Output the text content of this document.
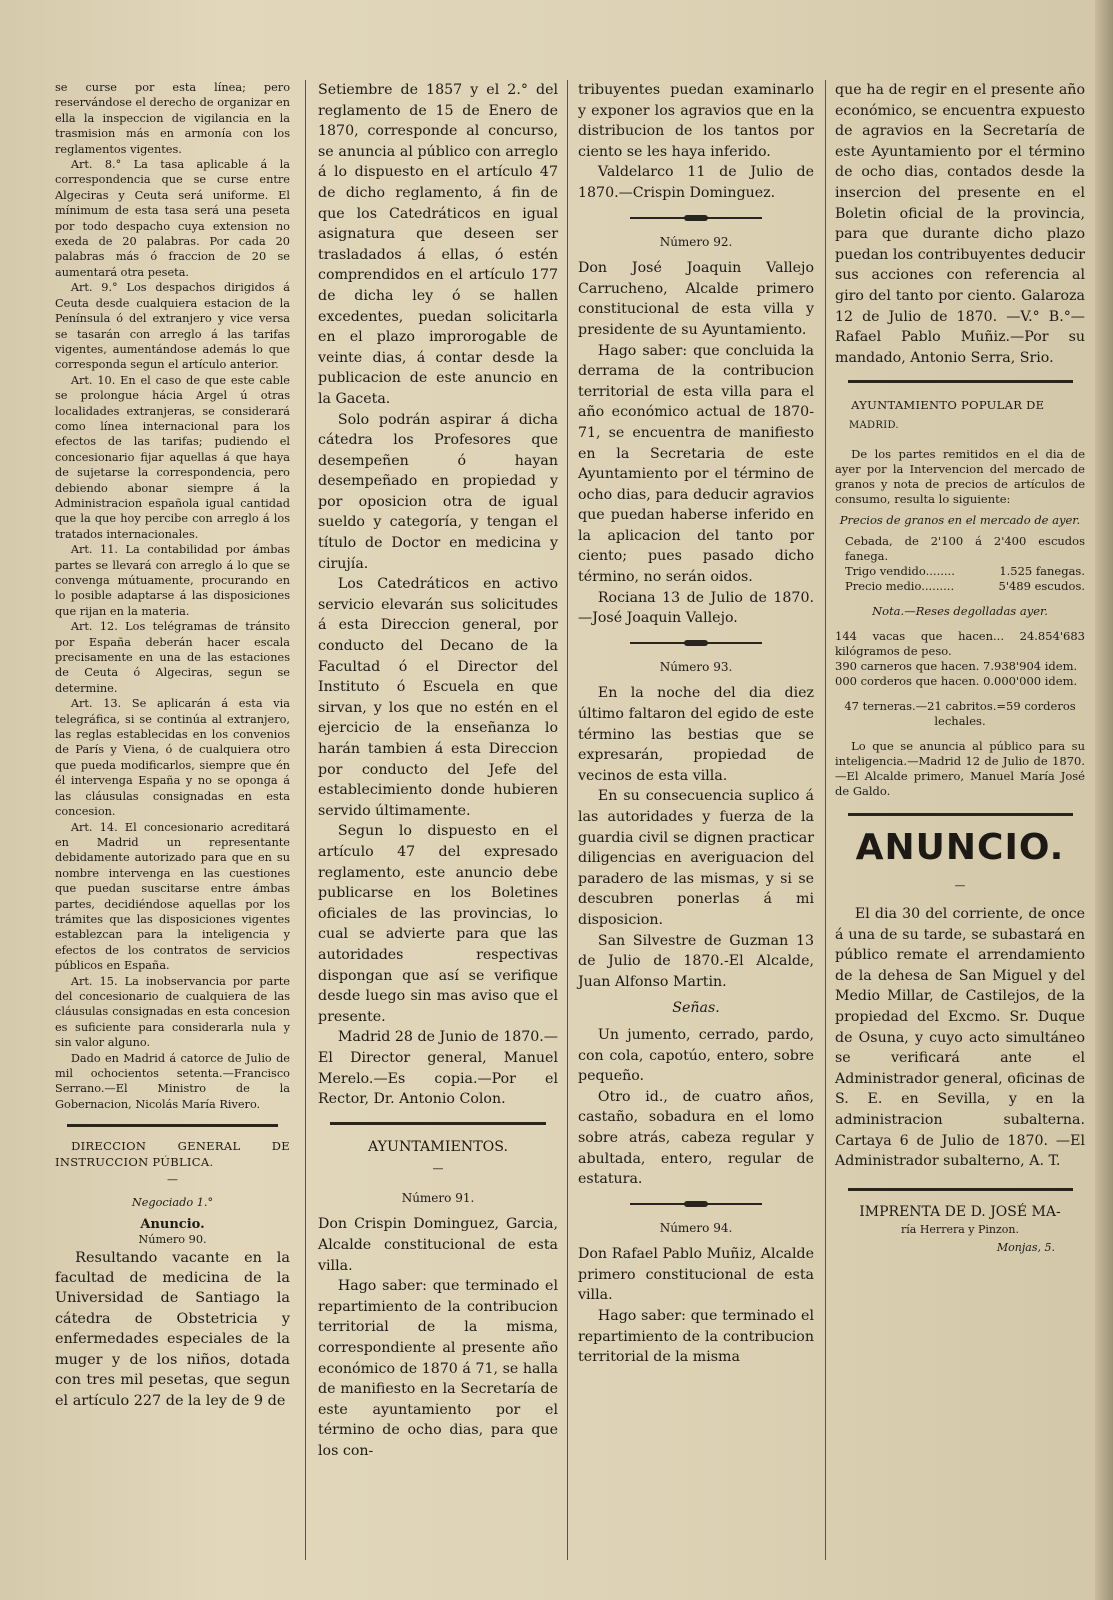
se curse por esta línea; pero reservándose el derecho de organizar en ella la inspeccion de vigilancia en la trasmision más en armonía con los reglamentos vigentes.

Art. 8.° La tasa aplicable á la correspondencia que se curse entre Algeciras y Ceuta será uniforme. El mínimum de esta tasa será una peseta por todo despacho cuya extension no exeda de 20 palabras. Por cada 20 palabras más ó fraccion de 20 se aumentará otra peseta.

Art. 9.° Los despachos dirigidos á Ceuta desde cualquiera estacion de la Península ó del extranjero y vice versa se tasarán con arreglo á las tarifas vigentes, aumentándose además lo que corresponda segun el artículo anterior.

Art. 10. En el caso de que este cable se prolongue hácia Argel ú otras localidades extranjeras, se considerará como línea internacional para los efectos de las tarifas; pudiendo el concesionario fijar aquellas á que haya de sujetarse la correspondencia, pero debiendo abonar siempre á la Administracion española igual cantidad que la que hoy percibe con arreglo á los tratados internacionales.

Art. 11. La contabilidad por ámbas partes se llevará con arreglo á lo que se convenga mútuamente, procurando en lo posible adaptarse á las disposiciones que rijan en la materia.

Art. 12. Los telégramas de tránsito por España deberán hacer escala precisamente en una de las estaciones de Ceuta ó Algeciras, segun se determine.

Art. 13. Se aplicarán á esta via telegráfica, si se continúa al extranjero, las reglas establecidas en los convenios de París y Viena, ó de cualquiera otro que pueda modificarlos, siempre que én él intervenga España y no se oponga á las cláusulas consignadas en esta concesion.

Art. 14. El concesionario acreditará en Madrid un representante debidamente autorizado para que en su nombre intervenga en las cuestiones que puedan suscitarse entre ámbas partes, decidiéndose aquellas por los trámites que las disposiciones vigentes establezcan para la inteligencia y efectos de los contratos de servicios públicos en España.

Art. 15. La inobservancia por parte del concesionario de cualquiera de las cláusulas consignadas en esta concesion es suficiente para considerarla nula y sin valor alguno.

Dado en Madrid á catorce de Julio de mil ochocientos setenta.—Francisco Serrano.—El Ministro de la Gobernacion, Nicolás María Rivero.

DIRECCION GENERAL DE INSTRUCCION PÚBLICA.

—

Negociado 1.°

Anuncio.

Número 90.

Resultando vacante en la facultad de medicina de la Universidad de Santiago la cátedra de Obstetricia y enfermedades especiales de la muger y de los niños, dotada con tres mil pesetas, que segun el artículo 227 de la ley de 9 de

Setiembre de 1857 y el 2.° del reglamento de 15 de Enero de 1870, corresponde al concurso, se anuncia al público con arreglo á lo dispuesto en el artículo 47 de dicho reglamento, á fin de que los Catedráticos en igual asignatura que deseen ser trasladados á ellas, ó estén comprendidos en el artículo 177 de dicha ley ó se hallen excedentes, puedan solicitarla en el plazo improrogable de veinte dias, á contar desde la publicacion de este anuncio en la Gaceta.

Solo podrán aspirar á dicha cátedra los Profesores que desempeñen ó hayan desempeñado en propiedad y por oposicion otra de igual sueldo y categoría, y tengan el título de Doctor en medicina y cirujía.

Los Catedráticos en activo servicio elevarán sus solicitudes á esta Direccion general, por conducto del Decano de la Facultad ó el Director del Instituto ó Escuela en que sirvan, y los que no estén en el ejercicio de la enseñanza lo harán tambien á esta Direccion por conducto del Jefe del establecimiento donde hubieren servido últimamente.

Segun lo dispuesto en el artículo 47 del expresado reglamento, este anuncio debe publicarse en los Boletines oficiales de las provincias, lo cual se advierte para que las autoridades respectivas dispongan que así se verifique desde luego sin mas aviso que el presente.

Madrid 28 de Junio de 1870.—El Director general, Manuel Merelo.—Es copia.—Por el Rector, Dr. Antonio Colon.

AYUNTAMIENTOS.

—

Número 91.

Don Crispin Dominguez, Garcia, Alcalde constitucional de esta villa.

Hago saber: que terminado el repartimiento de la contribucion territorial de la misma, correspondiente al presente año económico de 1870 á 71, se halla de manifiesto en la Secretaría de este ayuntamiento por el término de ocho dias, para que los con-

tribuyentes puedan examinarlo y exponer los agravios que en la distribucion de los tantos por ciento se les haya inferido.

Valdelarco 11 de Julio de 1870.—Crispin Dominguez.

Número 92.

Don José Joaquin Vallejo Carrucheno, Alcalde primero constitucional de esta villa y presidente de su Ayuntamiento.

Hago saber: que concluida la derrama de la contribucion territorial de esta villa para el año económico actual de 1870-71, se encuentra de manifiesto en la Secretaria de este Ayuntamiento por el término de ocho dias, para deducir agravios que puedan haberse inferido en la aplicacion del tanto por ciento; pues pasado dicho término, no serán oidos.

Rociana 13 de Julio de 1870.—José Joaquin Vallejo.

Número 93.

En la noche del dia diez último faltaron del egido de este término las bestias que se expresarán, propiedad de vecinos de esta villa.

En su consecuencia suplico á las autoridades y fuerza de la guardia civil se dignen practicar diligencias en averiguacion del paradero de las mismas, y si se descubren ponerlas á mi disposicion.

San Silvestre de Guzman 13 de Julio de 1870.-El Alcalde, Juan Alfonso Martin.

Señas.

Un jumento, cerrado, pardo, con cola, capotúo, entero, sobre pequeño.

Otro id., de cuatro años, castaño, sobadura en el lomo sobre atrás, cabeza regular y abultada, entero, regular de estatura.

Número 94.

Don Rafael Pablo Muñiz, Alcalde primero constitucional de esta villa.

Hago saber: que terminado el repartimiento de la contribucion territorial de la misma

que ha de regir en el presente año económico, se encuentra expuesto de agravios en la Secretaría de este Ayuntamiento por el término de ocho dias, contados desde la insercion del presente en el Boletin oficial de la provincia, para que durante dicho plazo puedan los contribuyentes deducir sus acciones con referencia al giro del tanto por ciento. Galaroza 12 de Julio de 1870. —V.° B.°—Rafael Pablo Muñiz.—Por su mandado, Antonio Serra, Srio.

AYUNTAMIENTO POPULAR DE

MADRID.

De los partes remitidos en el dia de ayer por la Intervencion del mercado de granos y nota de precios de artículos de consumo, resulta lo siguiente:

Precios de granos en el mercado de ayer.

Cebada, de 2'100 á 2'400 escudos fanega.

Trigo vendido........	1.525 fanegas.
Precio medio.........	5'489 escudos.

Nota.—Reses degolladas ayer.

144 vacas que hacen... 24.854'683 kilógramos de peso.

390 carneros que hacen. 7.938'904 idem.

000 corderos que hacen. 0.000'000 idem.

47 terneras.—21 cabritos.=59 corderos lechales.

Lo que se anuncia al público para su inteligencia.—Madrid 12 de Julio de 1870.—El Alcalde primero, Manuel María José de Galdo.

ANUNCIO.
—

El dia 30 del corriente, de once á una de su tarde, se subastará en público remate el arrendamiento de la dehesa de San Miguel y del Medio Millar, de Castilejos, de la propiedad del Excmo. Sr. Duque de Osuna, y cuyo acto simultáneo se verificará ante el Administrador general, oficinas de S. E. en Sevilla, y en la administracion subalterna. Cartaya 6 de Julio de 1870. —El Administrador subalterno, A. T.

IMPRENTA DE D. JOSÉ MA-
ría Herrera y Pinzon.
Monjas, 5.
